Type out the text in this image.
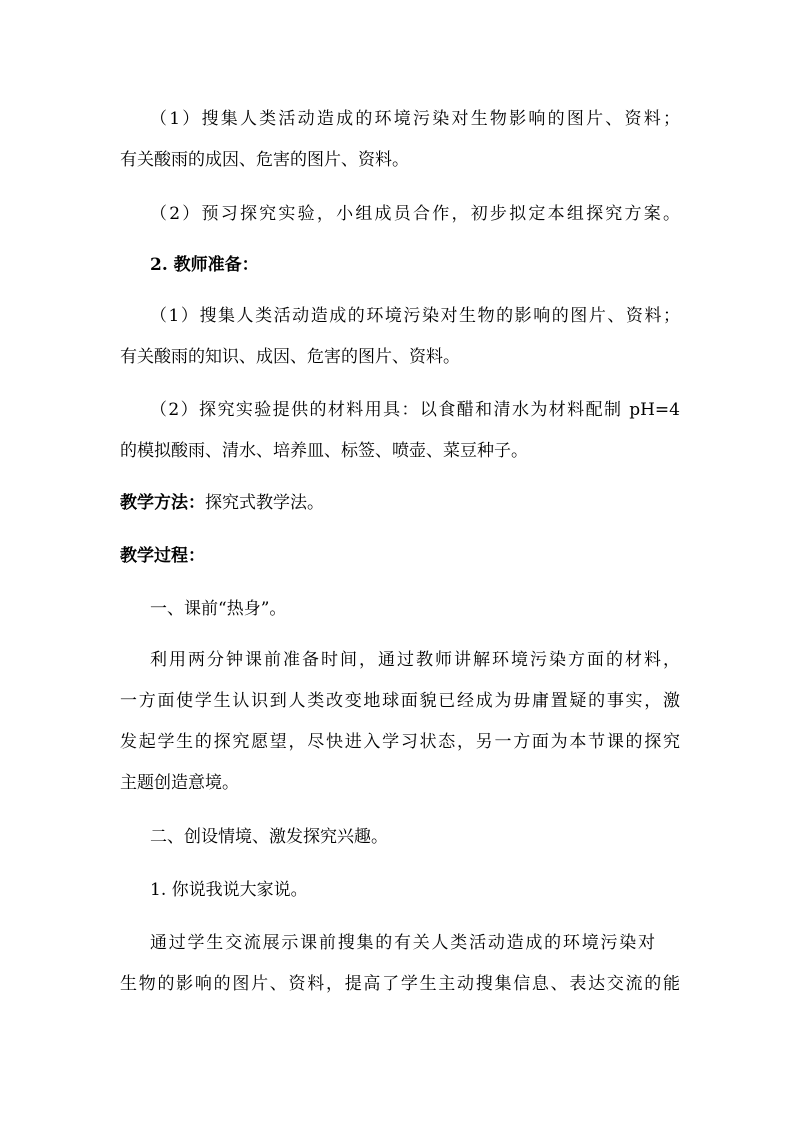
（1）搜集人类活动造成的环境污染对生物影响的图片、资料；
有关酸雨的成因、危害的图片、资料。
（2）预习探究实验，小组成员合作，初步拟定本组探究方案。
2. 教师准备：
（1）搜集人类活动造成的环境污染对生物的影响的图片、资料；
有关酸雨的知识、成因、危害的图片、资料。
（2）探究实验提供的材料用具：以食醋和清水为材料配制 pH=4
的模拟酸雨、清水、培养皿、标签、喷壶、菜豆种子。
教学方法：探究式教学法。
教学过程：
一、课前“热身”。
利用两分钟课前准备时间，通过教师讲解环境污染方面的材料，
一方面使学生认识到人类改变地球面貌已经成为毋庸置疑的事实，激
发起学生的探究愿望，尽快进入学习状态，另一方面为本节课的探究
主题创造意境。
二、创设情境、激发探究兴趣。
1. 你说我说大家说。
通过学生交流展示课前搜集的有关人类活动造成的环境污染对
生物的影响的图片、资料，提高了学生主动搜集信息、表达交流的能
